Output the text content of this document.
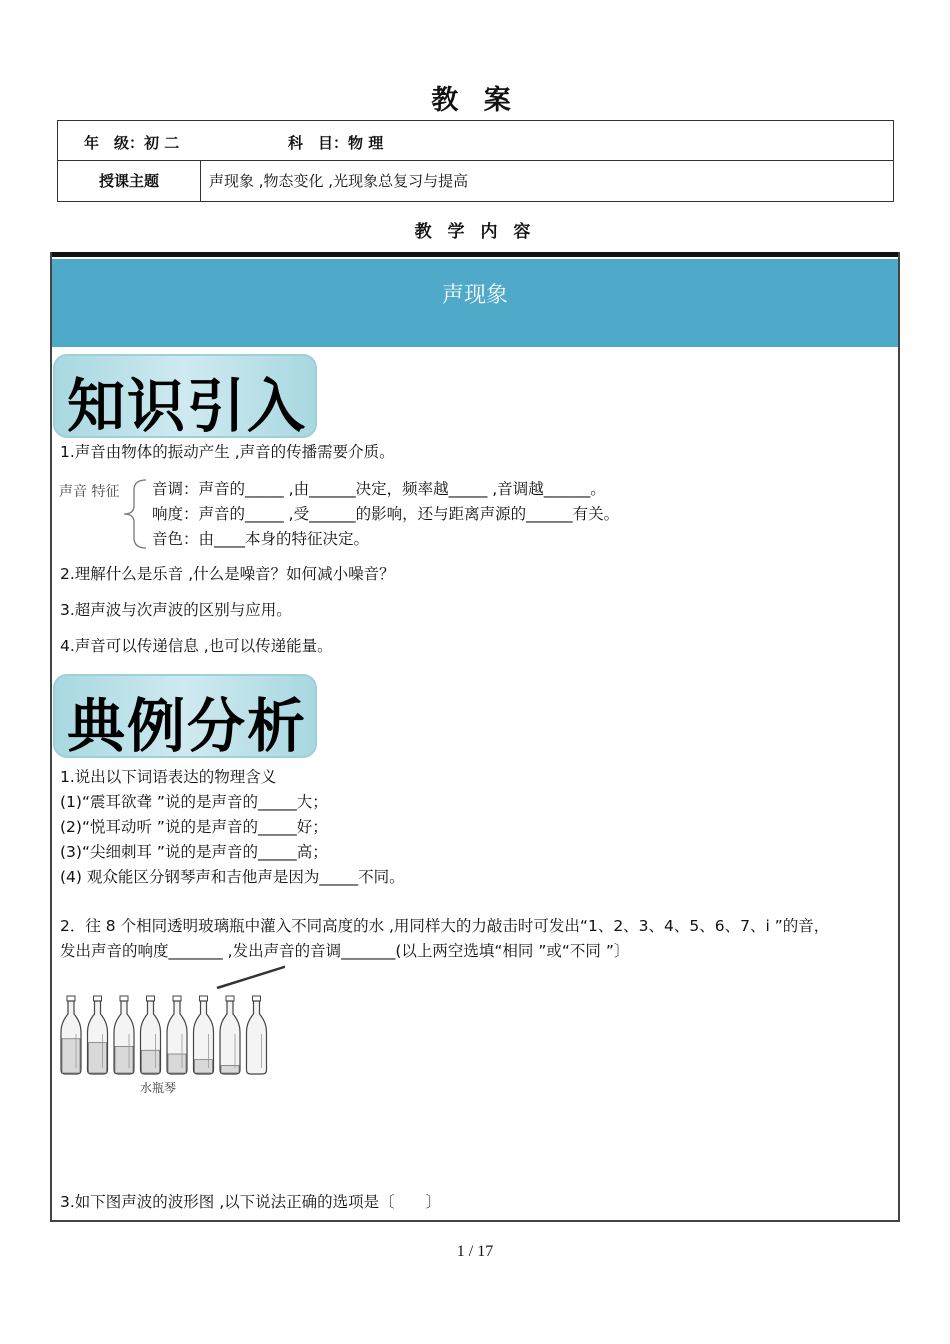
教 案
年　级：初 二	科　目：物 理
授课主题	声现象 ,物态变化 ,光现象总复习与提高
教 学 内 容
声现象
知识引入
1.声音由物体的振动产生 ,声音的传播需要介质。
声音 特征 音调：声音的_____ ,由______决定，频率越_____ ,音调越______。
响度：声音的_____ ,受______的影响，还与距离声源的______有关。
音色：由____本身的特征决定。
2.理解什么是乐音 ,什么是噪音？如何减小噪音？
3.超声波与次声波的区别与应用。
4.声音可以传递信息 ,也可以传递能量。
典例分析
1.说出以下词语表达的物理含义
(1)“震耳欲聋 ”说的是声音的_____大；
(2)“悦耳动听 ”说的是声音的_____好；
(3)“尖细刺耳 ”说的是声音的_____高；
(4) 观众能区分钢琴声和吉他声是因为_____不同。
2．往 8 个相同透明玻璃瓶中灌入不同高度的水 ,用同样大的力敲击时可发出“1、2、3、4、5、6、7、i ”的音，
发出声音的响度_______ ,发出声音的音调_______(以上两空选填“相同 ”或“不同 ”〕
水瓶琴
3.如下图声波的波形图 ,以下说法正确的选项是〔　　〕
1 / 17
